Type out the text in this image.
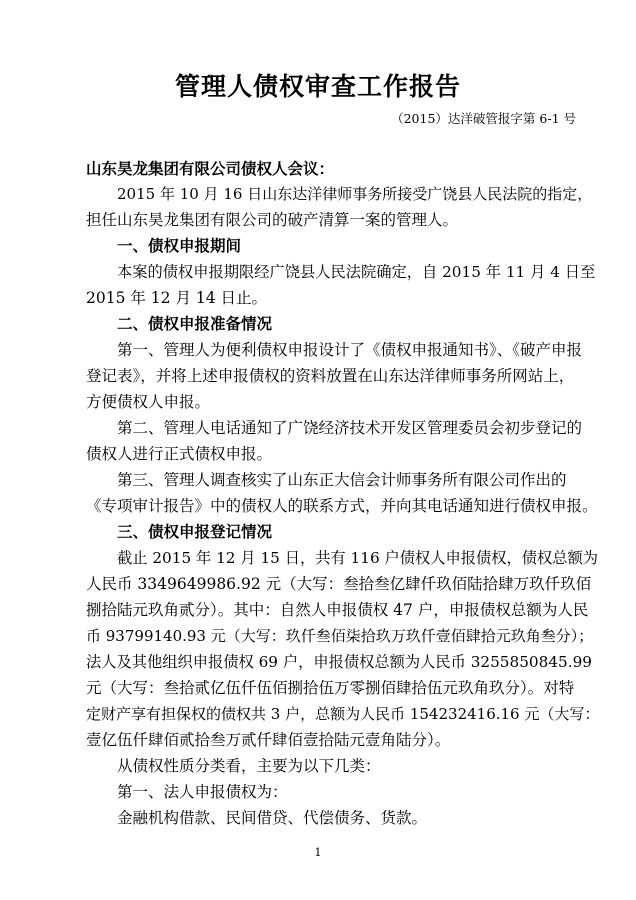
管理人债权审查工作报告
（2015）达洋破管报字第 6-1 号
山东昊龙集团有限公司债权人会议：
2015 年 10 月 16 日山东达洋律师事务所接受广饶县人民法院的指定，
担任山东昊龙集团有限公司的破产清算一案的管理人。
一、债权申报期间
本案的债权申报期限经广饶县人民法院确定，自 2015 年 11 月 4 日至
2015 年 12 月 14 日止。
二、债权申报准备情况
第一、管理人为便利债权申报设计了《债权申报通知书》、《破产申报
登记表》，并将上述申报债权的资料放置在山东达洋律师事务所网站上，
方便债权人申报。
第二、管理人电话通知了广饶经济技术开发区管理委员会初步登记的
债权人进行正式债权申报。
第三、管理人调查核实了山东正大信会计师事务所有限公司作出的
《专项审计报告》中的债权人的联系方式，并向其电话通知进行债权申报。
三、债权申报登记情况
截止 2015 年 12 月 15 日，共有 116 户债权人申报债权，债权总额为
人民币 3349649986.92 元（大写：叁拾叁亿肆仟玖佰陆拾肆万玖仟玖佰
捌拾陆元玖角贰分）。其中：自然人申报债权 47 户，申报债权总额为人民
币 93799140.93 元（大写：玖仟叁佰柒拾玖万玖仟壹佰肆拾元玖角叁分）；
法人及其他组织申报债权 69 户，申报债权总额为人民币 3255850845.99
元（大写：叁拾贰亿伍仟伍佰捌拾伍万零捌佰肆拾伍元玖角玖分）。对特
定财产享有担保权的债权共 3 户，总额为人民币 154232416.16 元（大写：
壹亿伍仟肆佰贰拾叁万贰仟肆佰壹拾陆元壹角陆分）。
从债权性质分类看，主要为以下几类：
第一、法人申报债权为：
金融机构借款、民间借贷、代偿债务、货款。
1
